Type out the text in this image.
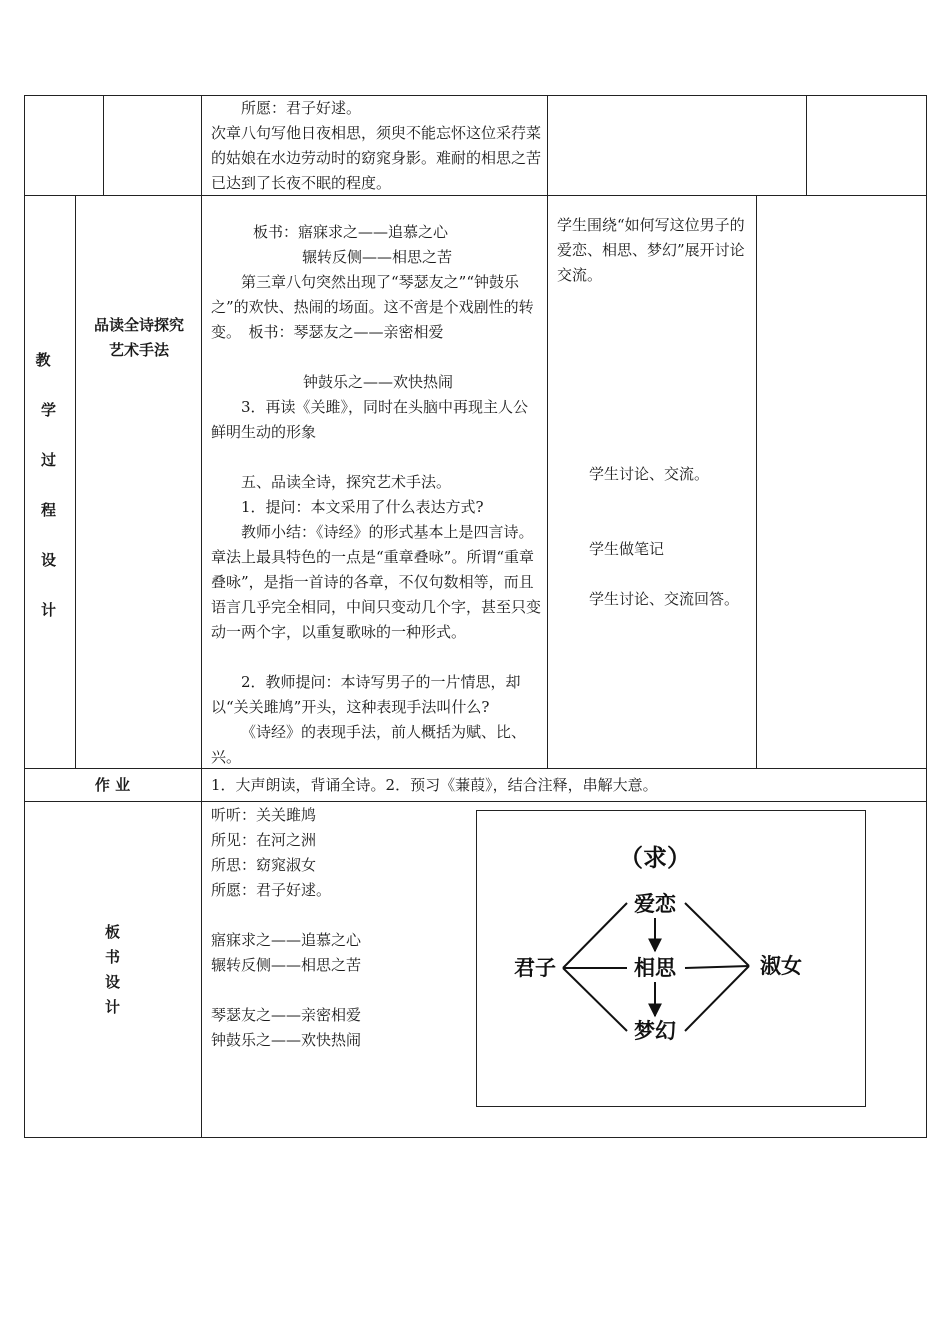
所愿：君子好逑。
次章八句写他日夜相思，须臾不能忘怀这位采荇菜的姑娘在水边劳动时的窈窕身影。难耐的相思之苦已达到了长夜不眠的程度。
教
学
过
程
设
计
品读全诗探究
艺术手法
板书：寤寐求之——追慕之心
辗转反侧——相思之苦
第三章八句突然出现了“琴瑟友之”“钟鼓乐之”的欢快、热闹的场面。这不啻是个戏剧性的转变。　板书：琴瑟友之——亲密相爱
钟鼓乐之——欢快热闹
3．再读《关雎》，同时在头脑中再现主人公鲜明生动的形象
五、品读全诗，探究艺术手法。
1．提问：本文采用了什么表达方式?
教师小结：《诗经》的形式基本上是四言诗。章法上最具特色的一点是“重章叠咏”。所谓“重章叠咏”，是指一首诗的各章，不仅句数相等，而且语言几乎完全相同，中间只变动几个字，甚至只变动一两个字，以重复歌咏的一种形式。
2．教师提问：本诗写男子的一片情思，却以“关关雎鸠”开头，这种表现手法叫什么?
《诗经》的表现手法，前人概括为赋、比、兴。
学生围绕“如何写这位男子的爱恋、相思、梦幻”展开讨论交流。
学生讨论、交流。
学生做笔记
学生讨论、交流回答。
作 业	1．大声朗读，背诵全诗。2．预习《蒹葭》，结合注释，串解大意。
板
书
设
计
听听：关关雎鸠
所见：在河之洲
所思：窈窕淑女
所愿：君子好逑。
寤寐求之——追慕之心
辗转反侧——相思之苦
琴瑟友之——亲密相爱
钟鼓乐之——欢快热闹
（求）
爱恋
相思
梦幻
君子	淑女
